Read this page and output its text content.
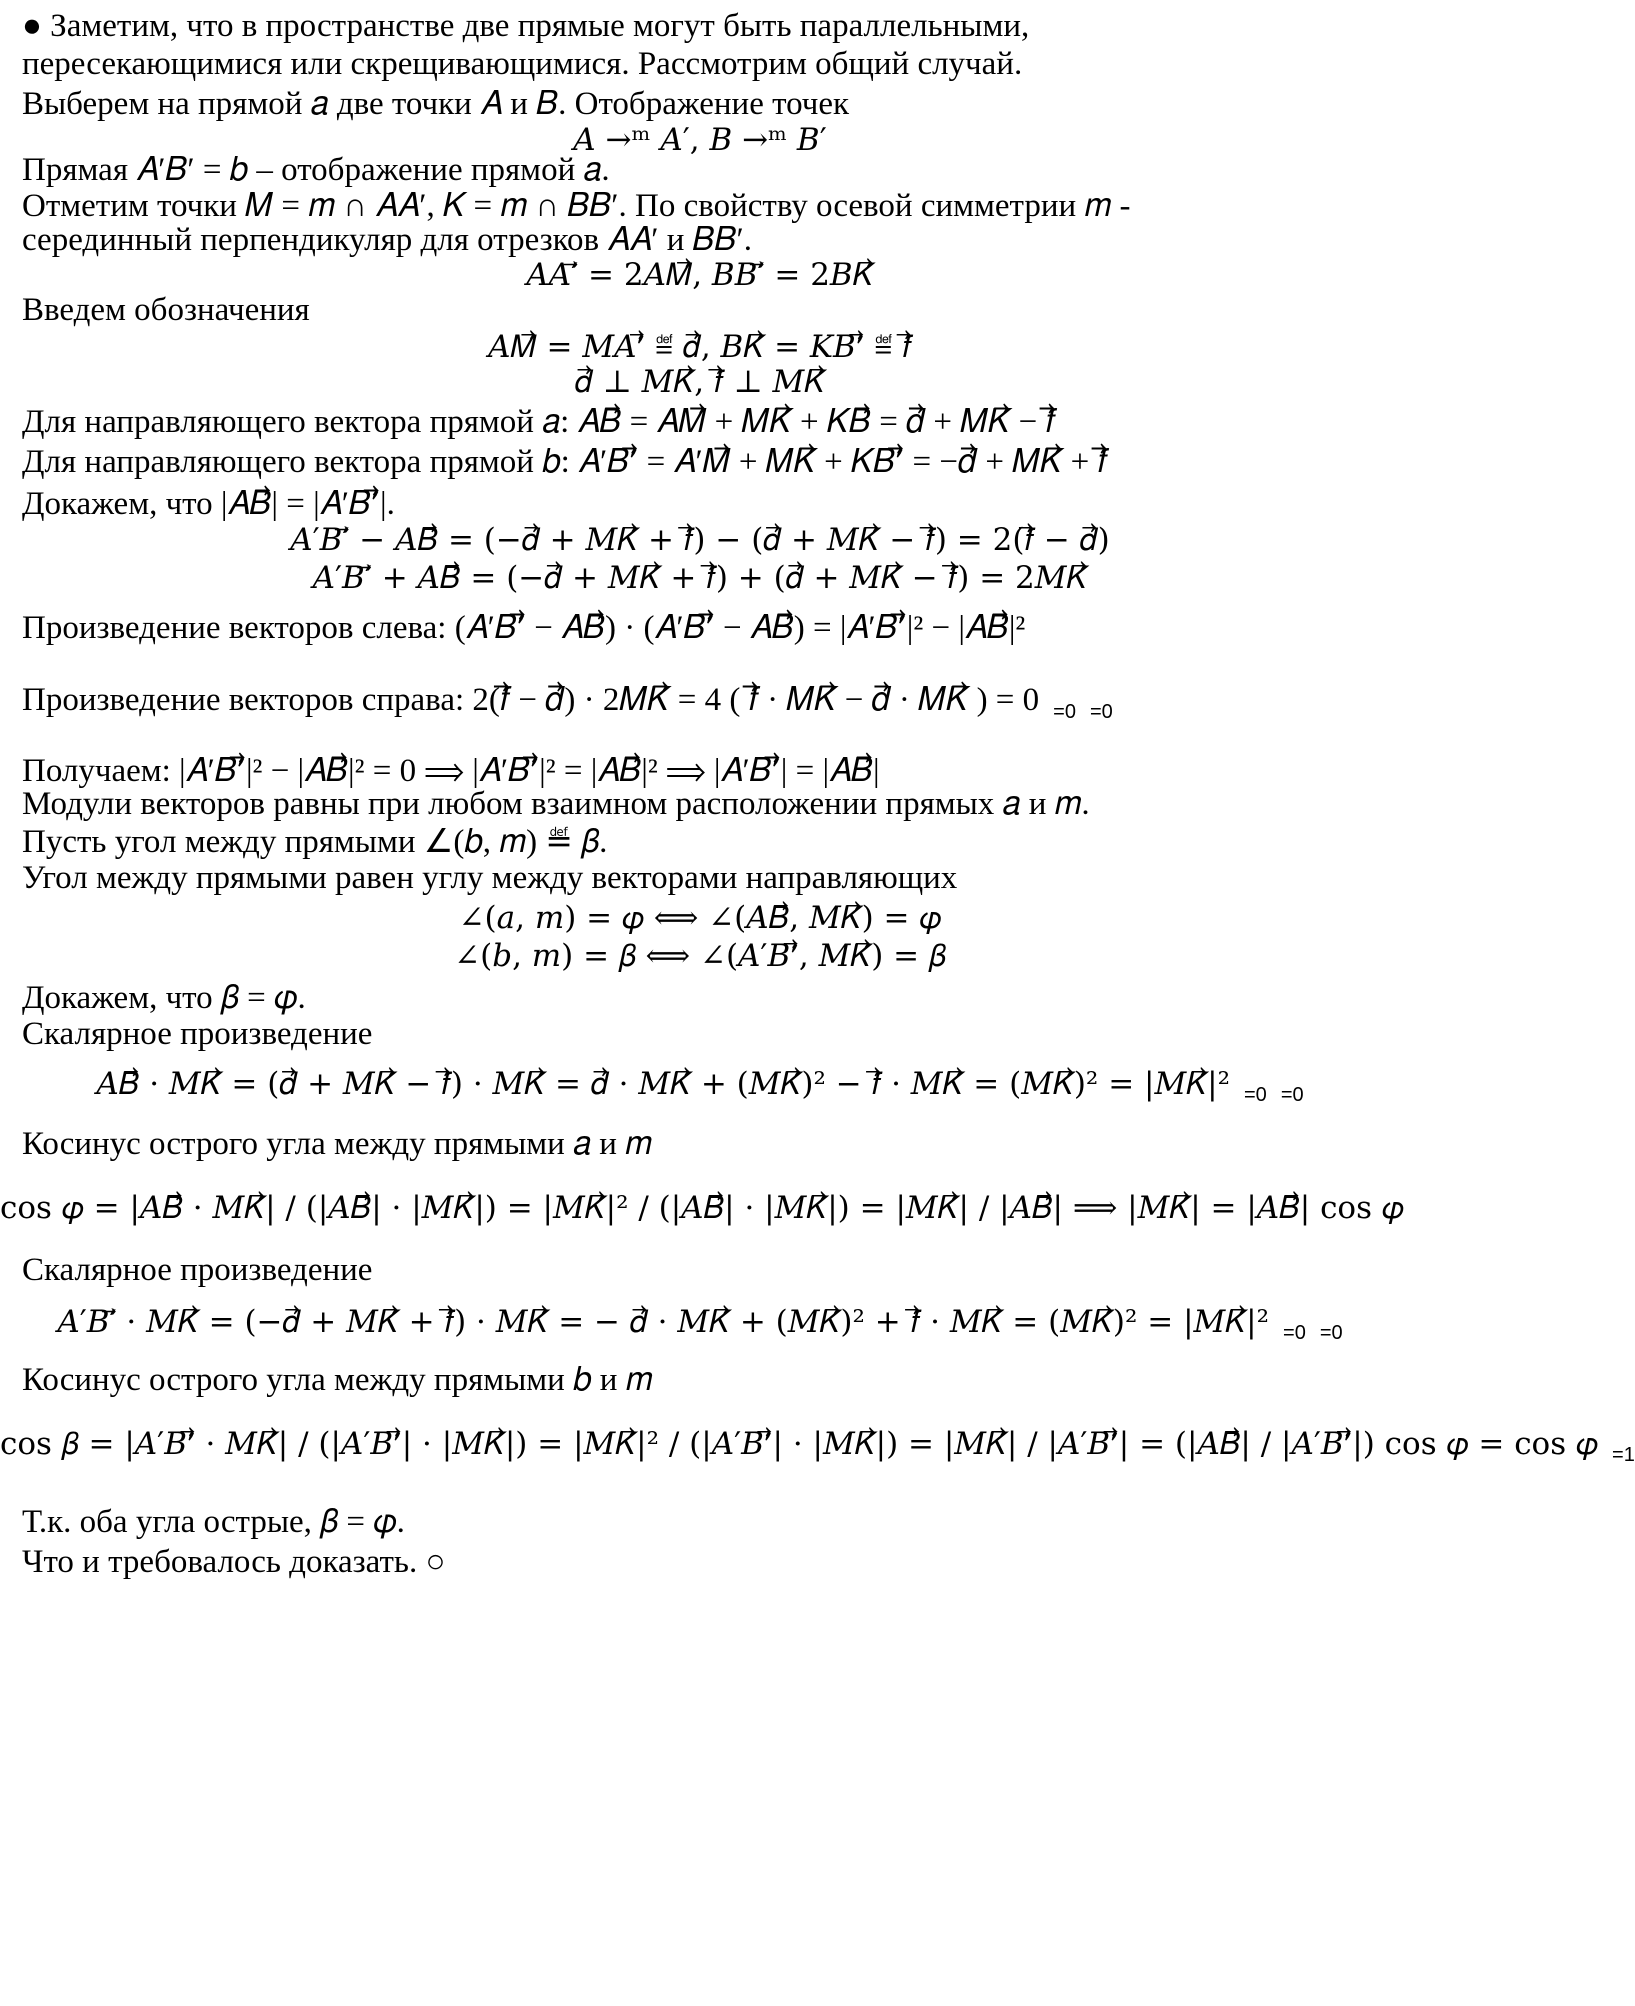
● Заметим, что в пространстве две прямые могут быть параллельными,
пересекающимися или скрещивающимися. Рассмотрим общий случай.
Выберем на прямой 𝑎 две точки 𝐴 и 𝐵. Отображение точек
𝐴 →ᵐ 𝐴′, 𝐵 →ᵐ 𝐵′
Прямая 𝐴′𝐵′ = 𝑏 – отображение прямой 𝑎.
Отметим точки 𝑀 = 𝑚 ∩ 𝐴𝐴′, 𝐾 = 𝑚 ∩ 𝐵𝐵′. По свойству осевой симметрии 𝑚 -
серединный перпендикуляр для отрезков 𝐴𝐴′ и 𝐵𝐵′.
𝐴𝐴′⃗ = 2𝐴𝑀⃗, 𝐵𝐵′⃗ = 2𝐵𝐾⃗
Введем обозначения
𝐴𝑀⃗ = 𝑀𝐴′⃗ ≝ 𝑑⃗, 𝐵𝐾⃗ = 𝐾𝐵′⃗ ≝ 𝑓⃗
𝑑⃗ ⊥ 𝑀𝐾⃗, 𝑓⃗ ⊥ 𝑀𝐾⃗
Для направляющего вектора прямой 𝑎: 𝐴𝐵⃗ = 𝐴𝑀⃗ + 𝑀𝐾⃗ + 𝐾𝐵⃗ = 𝑑⃗ + 𝑀𝐾⃗ − 𝑓⃗
Для направляющего вектора прямой 𝑏: 𝐴′𝐵′⃗ = 𝐴′𝑀⃗ + 𝑀𝐾⃗ + 𝐾𝐵′⃗ = −𝑑⃗ + 𝑀𝐾⃗ + 𝑓⃗
Докажем, что |𝐴𝐵⃗| = |𝐴′𝐵′⃗|.
𝐴′𝐵′⃗ − 𝐴𝐵⃗ = (−𝑑⃗ + 𝑀𝐾⃗ + 𝑓⃗) − (𝑑⃗ + 𝑀𝐾⃗ − 𝑓⃗) = 2(𝑓⃗ − 𝑑⃗)
𝐴′𝐵′⃗ + 𝐴𝐵⃗ = (−𝑑⃗ + 𝑀𝐾⃗ + 𝑓⃗) + (𝑑⃗ + 𝑀𝐾⃗ − 𝑓⃗) = 2𝑀𝐾⃗
Произведение векторов слева: (𝐴′𝐵′⃗ − 𝐴𝐵⃗) · (𝐴′𝐵′⃗ − 𝐴𝐵⃗) = |𝐴′𝐵′⃗|² − |𝐴𝐵⃗|²
Произведение векторов справа: 2(𝑓⃗ − 𝑑⃗) · 2𝑀𝐾⃗ = 4 ( 𝑓⃗ · 𝑀𝐾⃗ − 𝑑⃗ · 𝑀𝐾⃗ ) = 0 $_{=0}$ $_{=0}$
Получаем: |𝐴′𝐵′⃗|² − |𝐴𝐵⃗|² = 0 ⟹ |𝐴′𝐵′⃗|² = |𝐴𝐵⃗|² ⟹ |𝐴′𝐵′⃗| = |𝐴𝐵⃗|
Модули векторов равны при любом взаимном расположении прямых 𝑎 и 𝑚.
Пусть угол между прямыми ∠(𝑏, 𝑚) ≝ 𝛽.
Угол между прямыми равен углу между векторами направляющих
∠(𝑎, 𝑚) = 𝜑 ⟺ ∠(𝐴𝐵⃗, 𝑀𝐾⃗) = 𝜑
∠(𝑏, 𝑚) = 𝛽 ⟺ ∠(𝐴′𝐵′⃗, 𝑀𝐾⃗) = 𝛽
Докажем, что 𝛽 = 𝜑.
Скалярное произведение
𝐴𝐵⃗ · 𝑀𝐾⃗ = (𝑑⃗ + 𝑀𝐾⃗ − 𝑓⃗) · 𝑀𝐾⃗ = 𝑑⃗ · 𝑀𝐾⃗ + (𝑀𝐾⃗)² − 𝑓⃗ · 𝑀𝐾⃗ = (𝑀𝐾⃗)² = |𝑀𝐾⃗|² $_{=0}$ $_{=0}$
Косинус острого угла между прямыми 𝑎 и 𝑚
cos 𝜑 = |𝐴𝐵⃗ · 𝑀𝐾⃗| / (|𝐴𝐵⃗| · |𝑀𝐾⃗|) = |𝑀𝐾⃗|² / (|𝐴𝐵⃗| · |𝑀𝐾⃗|) = |𝑀𝐾⃗| / |𝐴𝐵⃗| ⟹ |𝑀𝐾⃗| = |𝐴𝐵⃗| cos 𝜑
Скалярное произведение
𝐴′𝐵′⃗ · 𝑀𝐾⃗ = (−𝑑⃗ + 𝑀𝐾⃗ + 𝑓⃗) · 𝑀𝐾⃗ = − 𝑑⃗ · 𝑀𝐾⃗ + (𝑀𝐾⃗)² + 𝑓⃗ · 𝑀𝐾⃗ = (𝑀𝐾⃗)² = |𝑀𝐾⃗|² $_{=0}$ $_{=0}$
Косинус острого угла между прямыми 𝑏 и 𝑚
cos 𝛽 = |𝐴′𝐵′⃗ · 𝑀𝐾⃗| / (|𝐴′𝐵′⃗| · |𝑀𝐾⃗|) = |𝑀𝐾⃗|² / (|𝐴′𝐵′⃗| · |𝑀𝐾⃗|) = |𝑀𝐾⃗| / |𝐴′𝐵′⃗| = (|𝐴𝐵⃗| / |𝐴′𝐵′⃗|) cos 𝜑 = cos 𝜑 $_{=1}$
Т.к. оба угла острые, 𝛽 = 𝜑.
Что и требовалось доказать. ○
